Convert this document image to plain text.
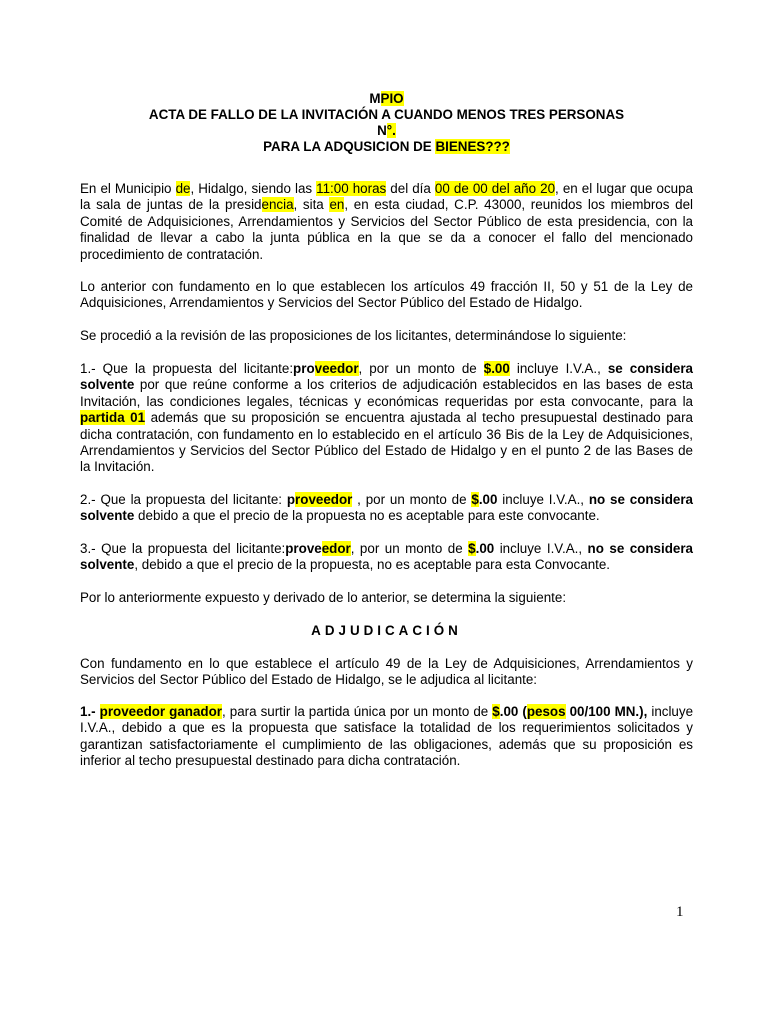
MPIO
ACTA DE FALLO DE LA INVITACIÓN A CUANDO MENOS TRES PERSONAS
N°.
PARA LA ADQUSICION DE BIENES???
En el Municipio de, Hidalgo, siendo las 11:00 horas del día 00 de 00 del año 20, en el lugar que ocupa la sala de juntas de la presidencia, sita en, en esta ciudad, C.P. 43000, reunidos los miembros del Comité de Adquisiciones, Arrendamientos y Servicios del Sector Público de esta presidencia, con la finalidad de llevar a cabo la junta pública en la que se da a conocer el fallo del mencionado procedimiento de contratación.
Lo anterior con fundamento en lo que establecen los artículos 49 fracción II, 50 y 51 de la Ley de Adquisiciones, Arrendamientos y Servicios del Sector Público del Estado de Hidalgo.
Se procedió a la revisión de las proposiciones de los licitantes, determinándose lo siguiente:
1.- Que la propuesta del licitante:proveedor, por un monto de $.00 incluye I.V.A., se considera solvente por que reúne conforme a los criterios de adjudicación establecidos en las bases de esta Invitación, las condiciones legales, técnicas y económicas requeridas por esta convocante, para la partida 01 además que su proposición se encuentra ajustada al techo presupuestal destinado para dicha contratación, con fundamento en lo establecido en el artículo 36 Bis de la Ley de Adquisiciones, Arrendamientos y Servicios del Sector Público del Estado de Hidalgo y en el punto 2 de las Bases de la Invitación.
2.- Que la propuesta del licitante: proveedor , por un monto de $.00 incluye I.V.A., no se considera solvente debido a que el precio de la propuesta no es aceptable para este convocante.
3.- Que la propuesta del licitante:proveedor, por un monto de $.00 incluye I.V.A., no se considera solvente, debido a que el precio de la propuesta, no es aceptable para esta Convocante.
Por lo anteriormente expuesto y derivado de lo anterior, se determina la siguiente:
ADJUDICACIÓN
Con fundamento en lo que establece el artículo 49 de la Ley de Adquisiciones, Arrendamientos y Servicios del Sector Público del Estado de Hidalgo, se le adjudica al licitante:
1.- proveedor ganador, para surtir la partida única por un monto de $.00 (pesos 00/100 MN.), incluye I.V.A., debido a que es la propuesta que satisface la totalidad de los requerimientos solicitados y garantizan satisfactoriamente el cumplimiento de las obligaciones, además que su proposición es inferior al techo presupuestal destinado para dicha contratación.
1
